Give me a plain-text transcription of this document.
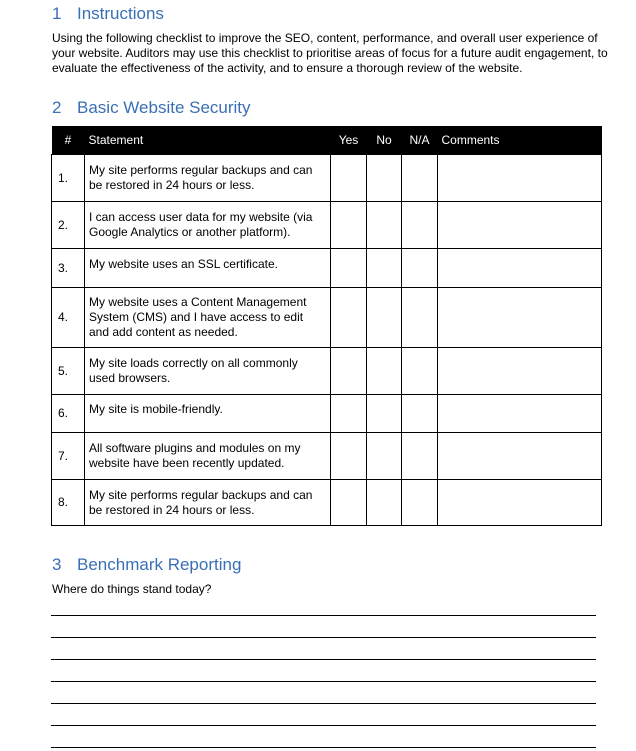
1 Instructions
Using the following checklist to improve the SEO, content, performance, and overall user experience of your website. Auditors may use this checklist to prioritise areas of focus for a future audit engagement, to evaluate the effectiveness of the activity, and to ensure a thorough review of the website.
2 Basic Website Security
#	Statement	Yes	No	N/A	Comments
1.	My site performs regular backups and can be restored in 24 hours or less.				
2.	I can access user data for my website (via Google Analytics or another platform).				
3.	My website uses an SSL certificate.				
4.	My website uses a Content Management System (CMS) and I have access to edit and add content as needed.				
5.	My site loads correctly on all commonly used browsers.				
6.	My site is mobile-friendly.				
7.	All software plugins and modules on my website have been recently updated.				
8.	My site performs regular backups and can be restored in 24 hours or less.				
3 Benchmark Reporting
Where do things stand today?
